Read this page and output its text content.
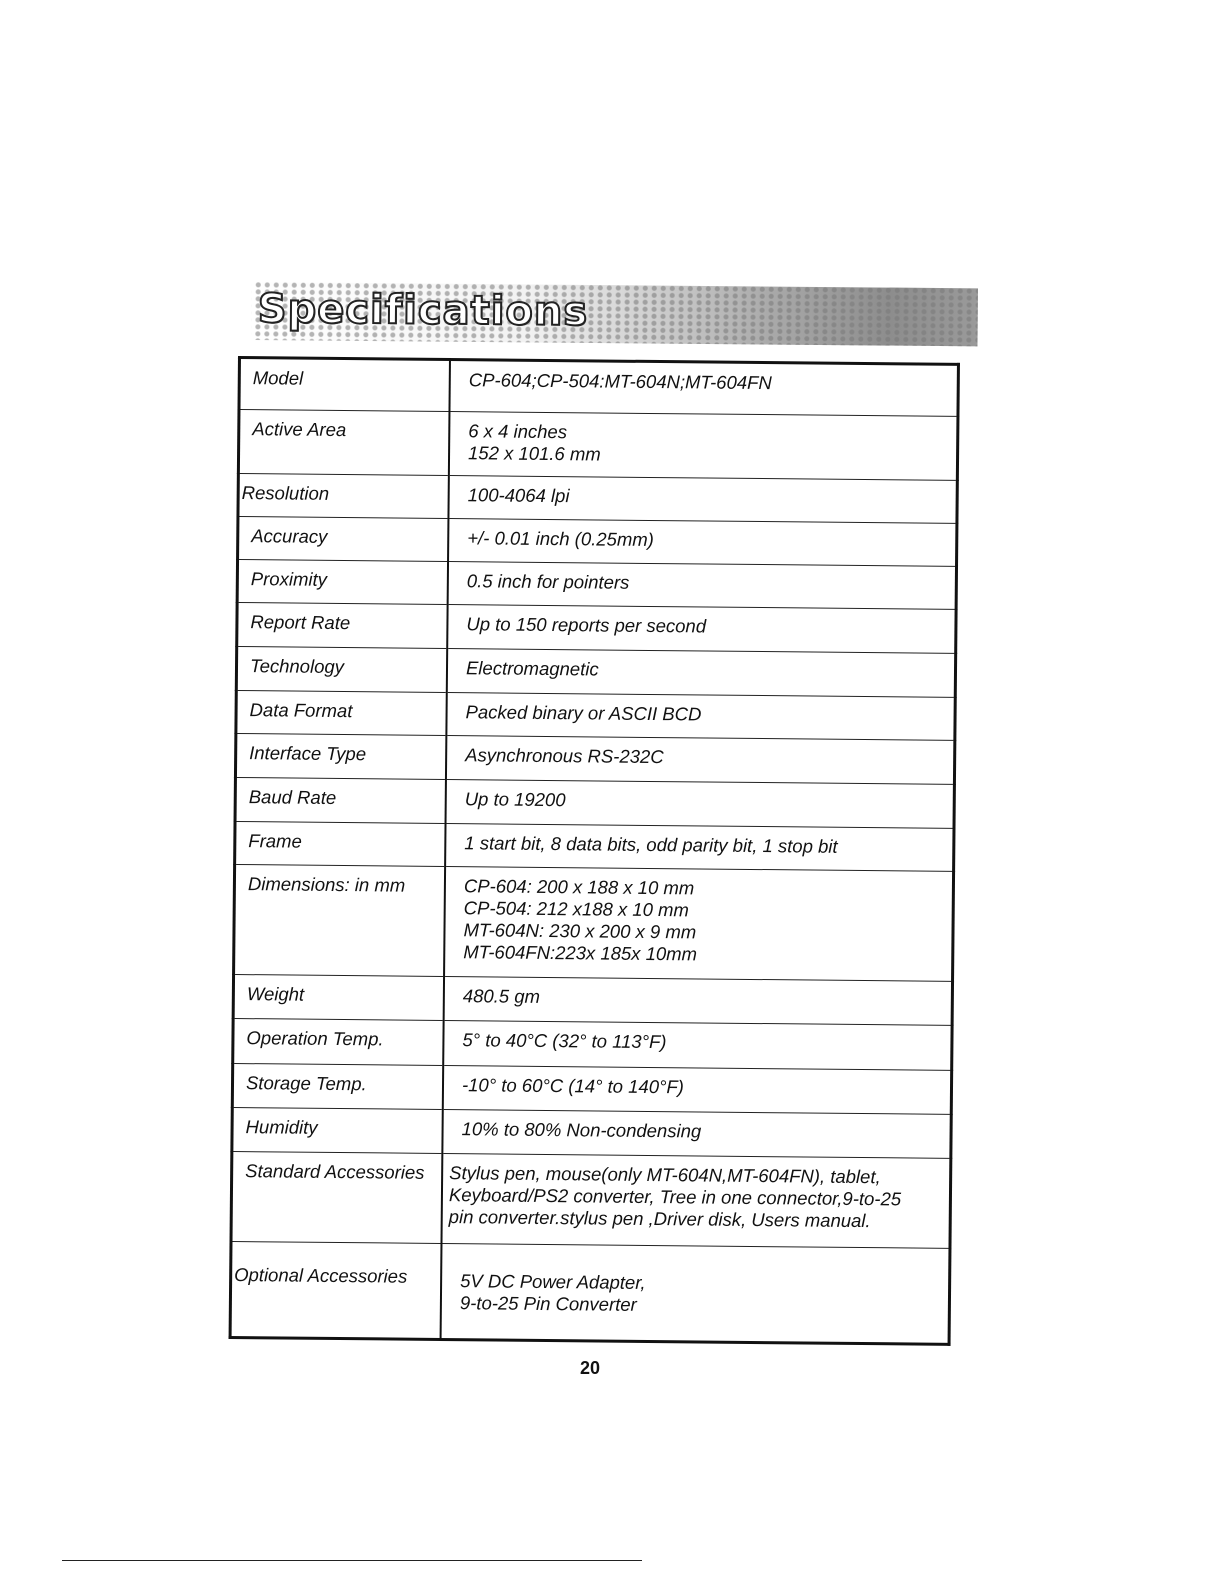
Specifications
Model	CP-604;CP-504:MT-604N;MT-604FN
Active Area	6 x 4 inches
152 x 101.6 mm
Resolution	100-4064 lpi
Accuracy	+/- 0.01 inch (0.25mm)
Proximity	0.5 inch for pointers
Report Rate	Up to 150 reports per second
Technology	Electromagnetic
Data Format	Packed binary or ASCII BCD
Interface Type	Asynchronous RS-232C
Baud Rate	Up to 19200
Frame	1 start bit, 8 data bits, odd parity bit, 1 stop bit
Dimensions: in mm	CP-604: 200 x 188 x 10 mm
CP-504: 212 x188 x 10 mm
MT-604N: 230 x 200 x 9 mm
MT-604FN:223x 185x 10mm
Weight	480.5 gm
Operation Temp.	5° to 40°C (32° to 113°F)
Storage Temp.	-10° to 60°C (14° to 140°F)
Humidity	10% to 80% Non-condensing
Standard Accessories	Stylus pen, mouse(only MT-604N,MT-604FN), tablet,
Keyboard/PS2 converter, Tree in one connector,9-to-25
pin converter.stylus pen ,Driver disk, Users manual.
Optional Accessories	5V DC Power Adapter,
9-to-25 Pin Converter
20
